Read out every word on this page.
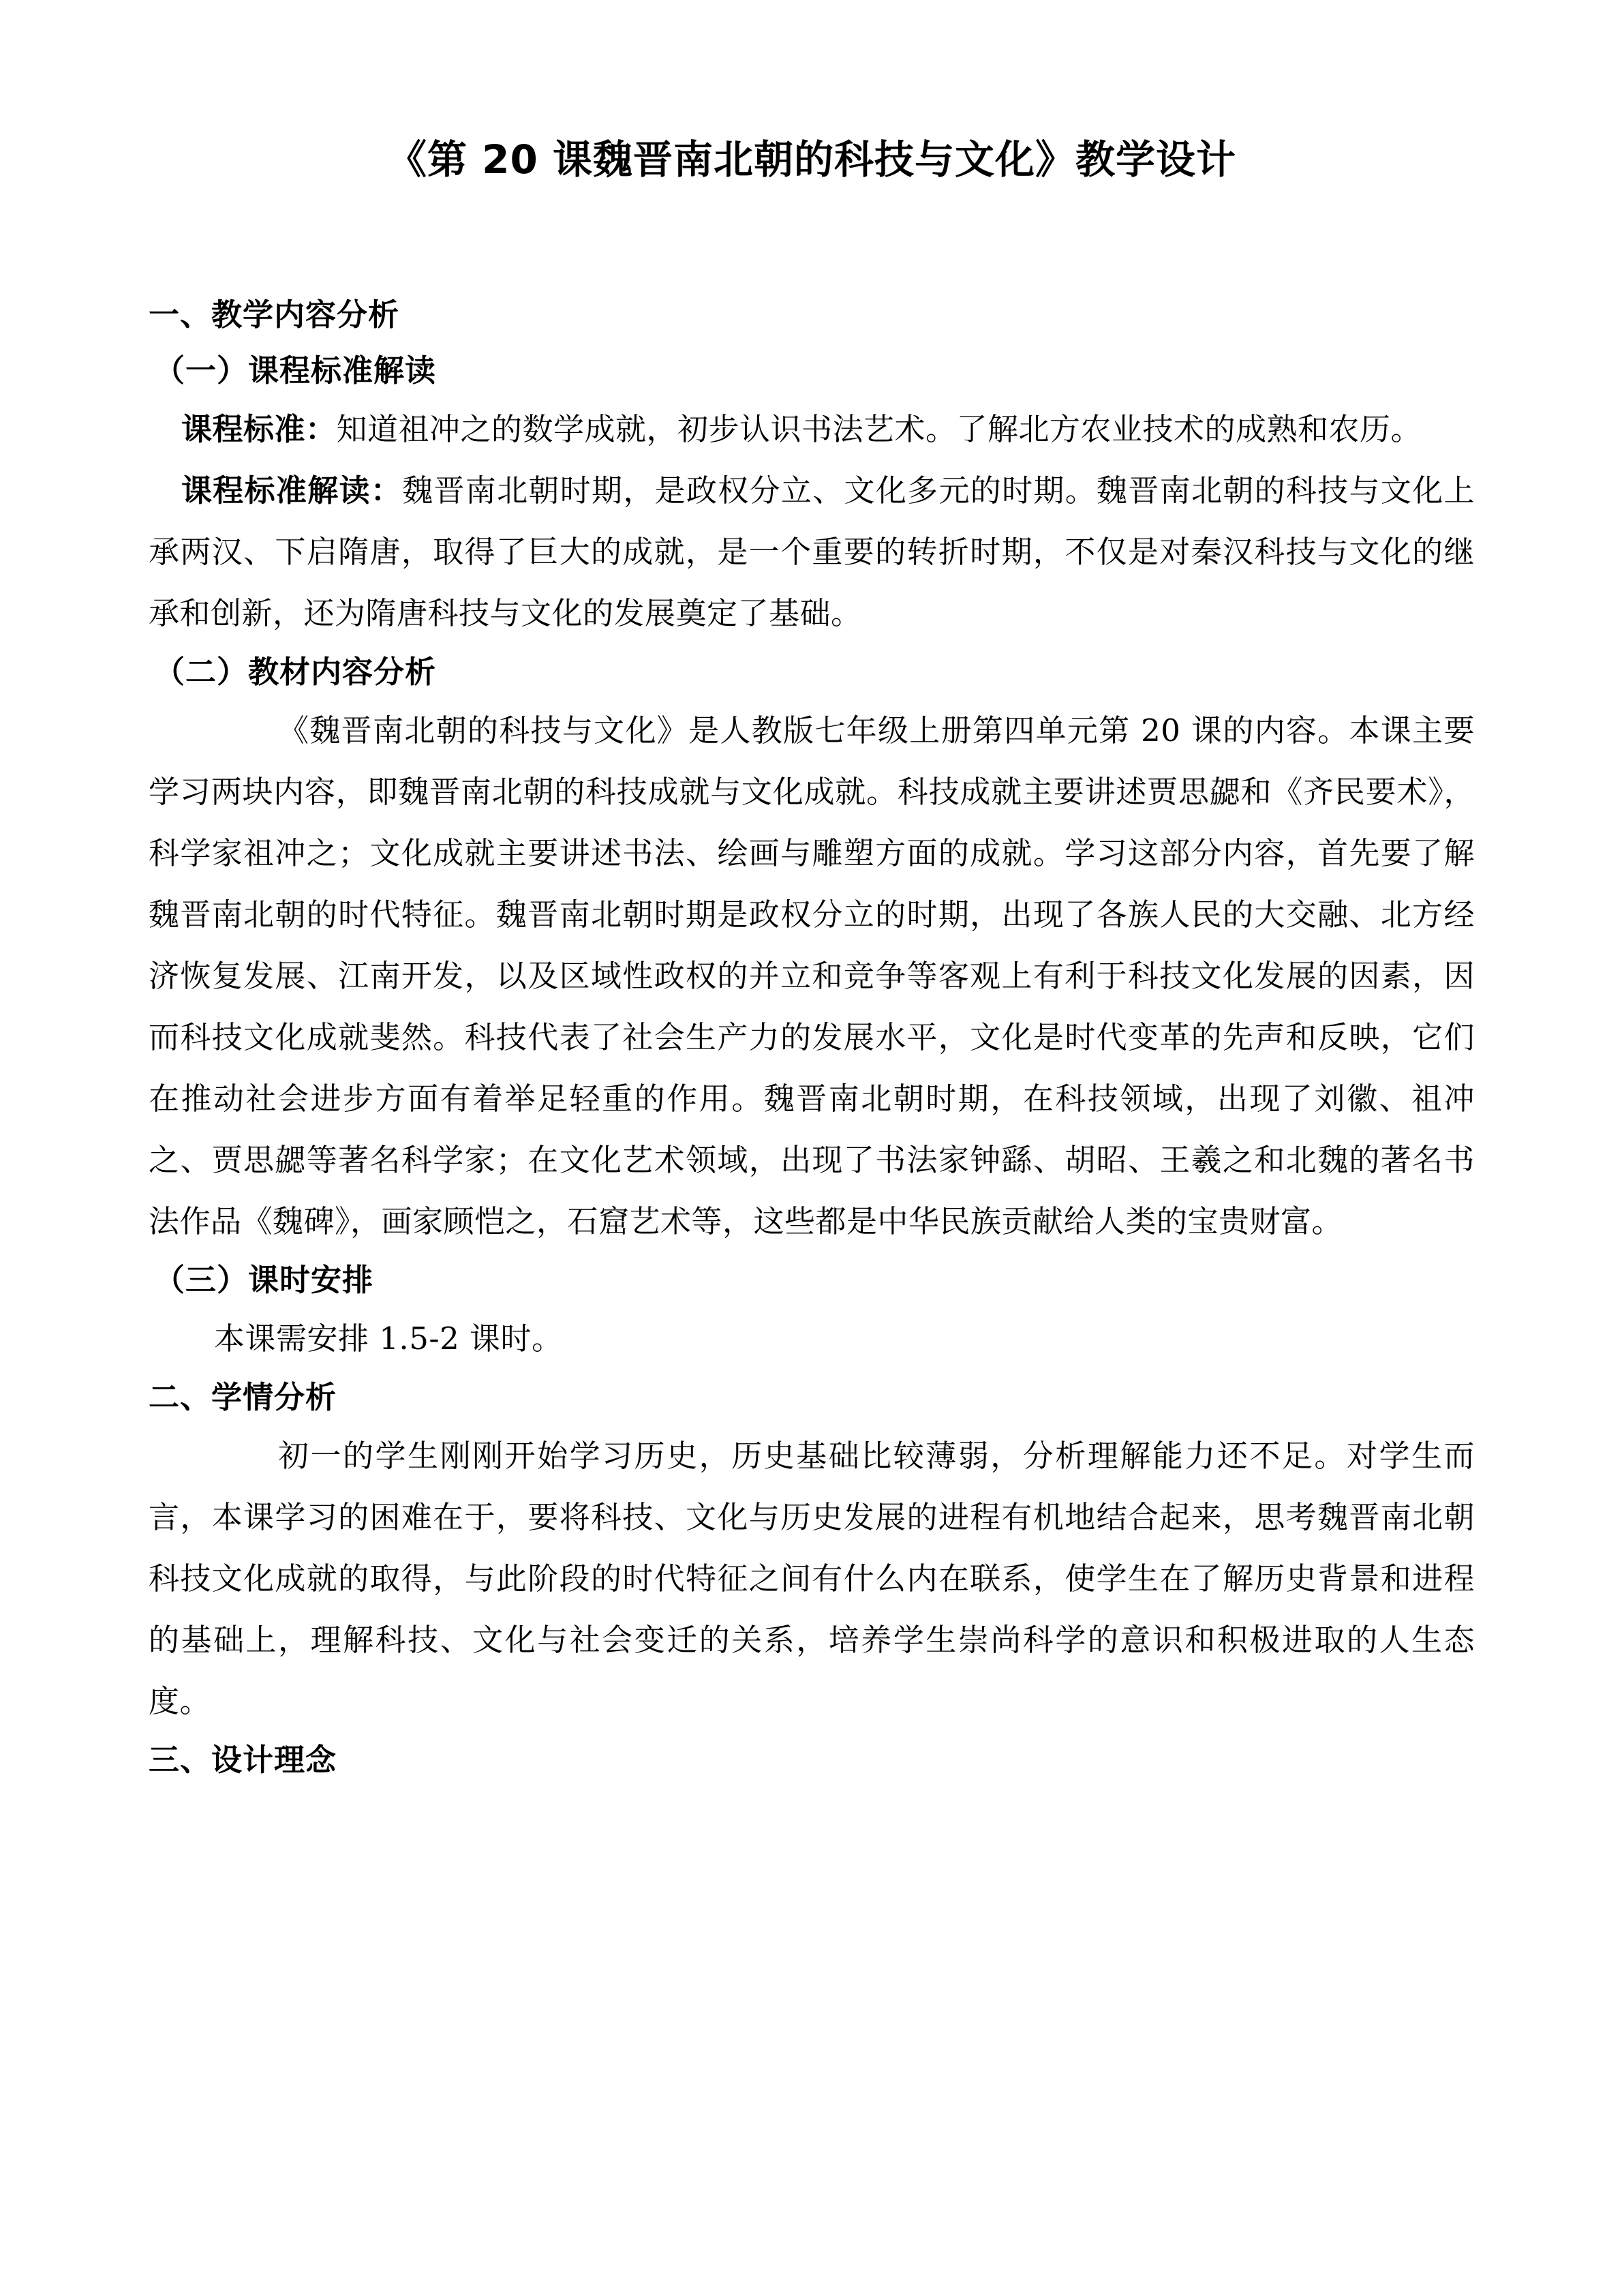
《第 20 课魏晋南北朝的科技与文化》教学设计
一、教学内容分析
（一）课程标准解读

课程标准：知道祖冲之的数学成就，初步认识书法艺术。了解北方农业技术的成熟和农历。

课程标准解读：魏晋南北朝时期，是政权分立、文化多元的时期。魏晋南北朝的科技与文化上承两汉、下启隋唐，取得了巨大的成就，是一个重要的转折时期，不仅是对秦汉科技与文化的继承和创新，还为隋唐科技与文化的发展奠定了基础。

（二）教材内容分析

《魏晋南北朝的科技与文化》是人教版七年级上册第四单元第 20 课的内容。本课主要学习两块内容，即魏晋南北朝的科技成就与文化成就。科技成就主要讲述贾思勰和《齐民要术》，科学家祖冲之；文化成就主要讲述书法、绘画与雕塑方面的成就。学习这部分内容，首先要了解魏晋南北朝的时代特征。魏晋南北朝时期是政权分立的时期，出现了各族人民的大交融、北方经济恢复发展、江南开发，以及区域性政权的并立和竞争等客观上有利于科技文化发展的因素，因而科技文化成就斐然。科技代表了社会生产力的发展水平，文化是时代变革的先声和反映，它们在推动社会进步方面有着举足轻重的作用。魏晋南北朝时期，在科技领域，出现了刘徽、祖冲之、贾思勰等著名科学家；在文化艺术领域，出现了书法家钟繇、胡昭、王羲之和北魏的著名书法作品《魏碑》，画家顾恺之，石窟艺术等，这些都是中华民族贡献给人类的宝贵财富。

（三）课时安排

本课需安排 1.5-2 课时。

二、学情分析

初一的学生刚刚开始学习历史，历史基础比较薄弱，分析理解能力还不足。对学生而言，本课学习的困难在于，要将科技、文化与历史发展的进程有机地结合起来，思考魏晋南北朝科技文化成就的取得，与此阶段的时代特征之间有什么内在联系，使学生在了解历史背景和进程的基础上，理解科技、文化与社会变迁的关系，培养学生崇尚科学的意识和积极进取的人生态度。

三、设计理念
